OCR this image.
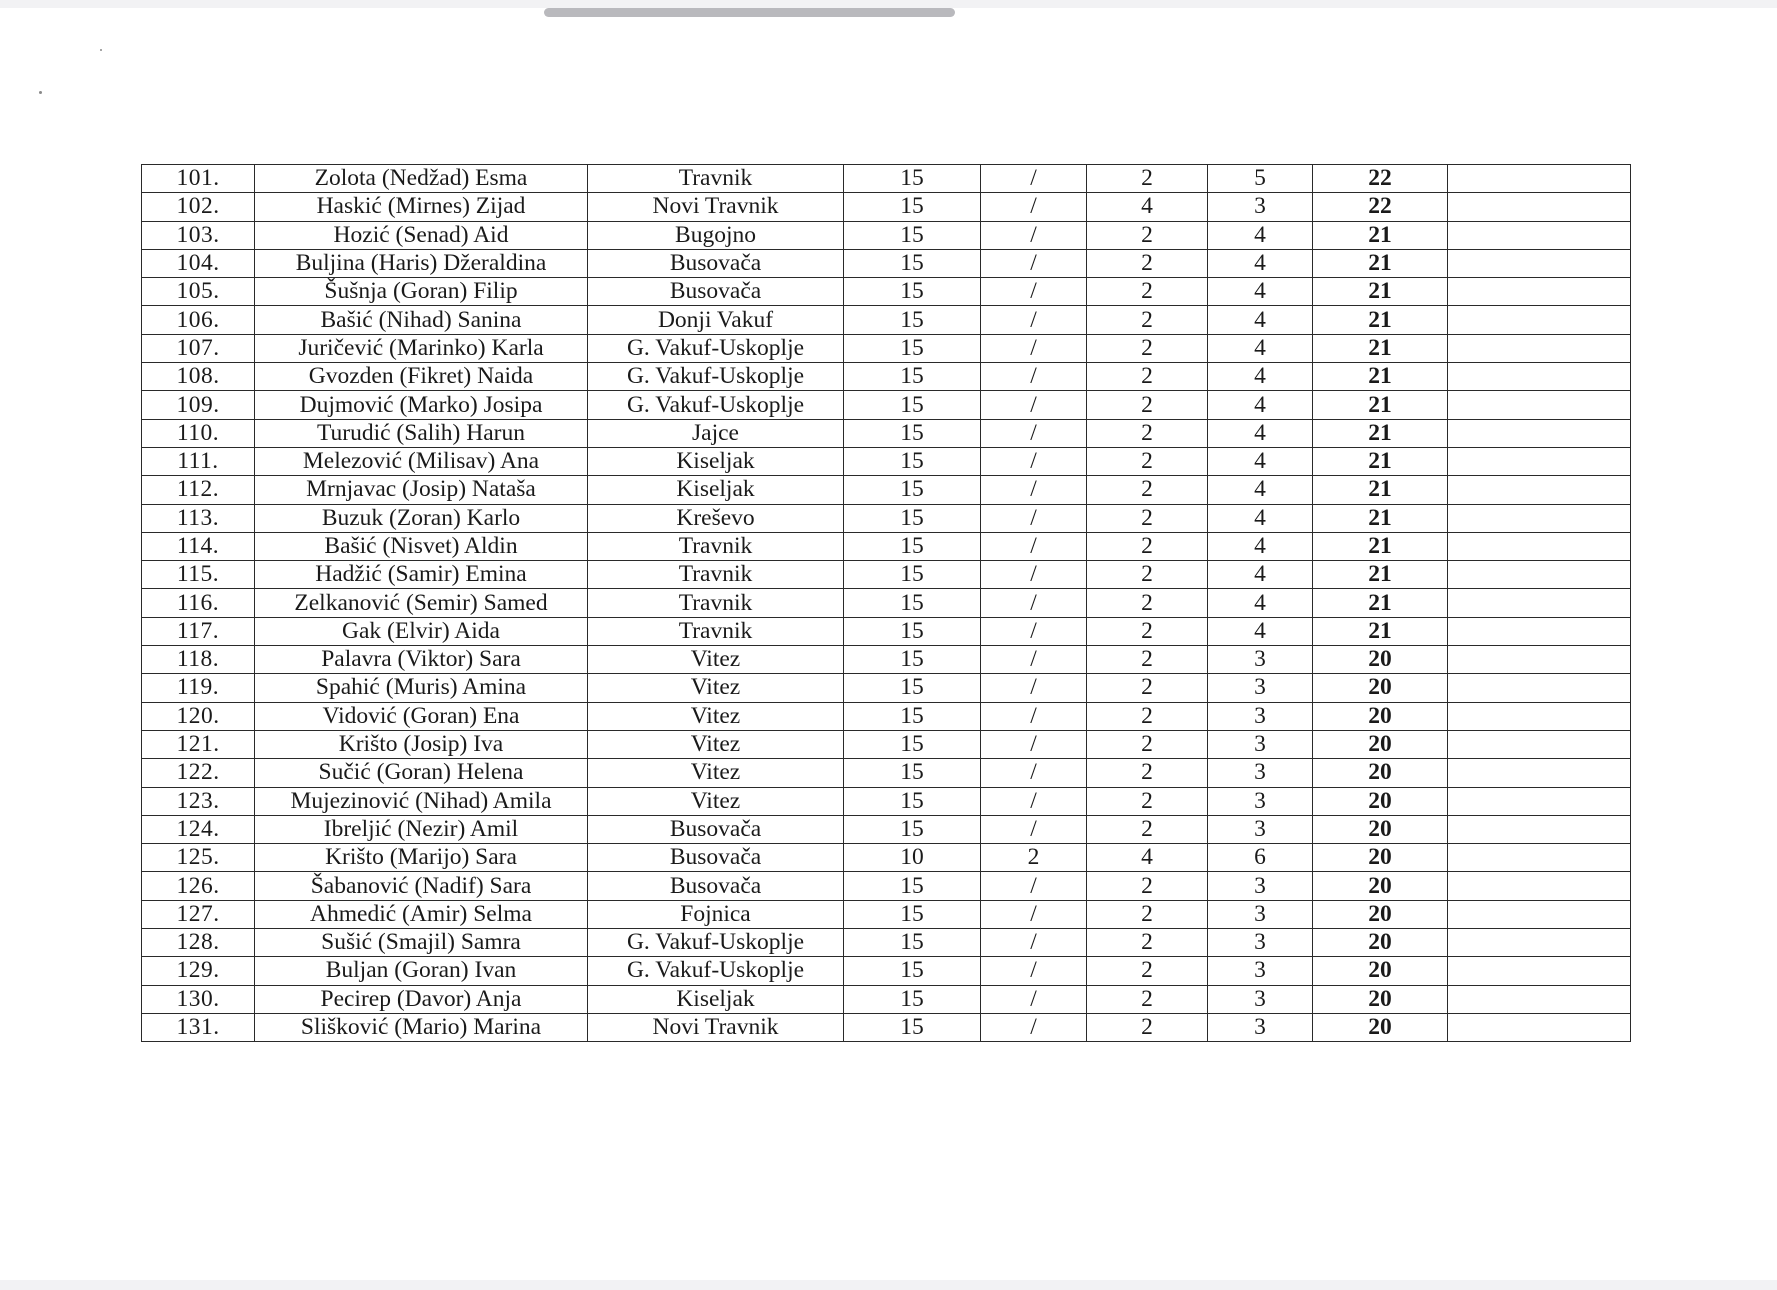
101.	Zolota (Nedžad) Esma	Travnik	15	/	2	5	22	
102.	Haskić (Mirnes) Zijad	Novi Travnik	15	/	4	3	22	
103.	Hozić (Senad) Aid	Bugojno	15	/	2	4	21	
104.	Buljina (Haris) Džeraldina	Busovača	15	/	2	4	21	
105.	Šušnja (Goran) Filip	Busovača	15	/	2	4	21	
106.	Bašić (Nihad) Sanina	Donji Vakuf	15	/	2	4	21	
107.	Juričević (Marinko) Karla	G. Vakuf-Uskoplje	15	/	2	4	21	
108.	Gvozden (Fikret) Naida	G. Vakuf-Uskoplje	15	/	2	4	21	
109.	Dujmović (Marko) Josipa	G. Vakuf-Uskoplje	15	/	2	4	21	
110.	Turudić (Salih) Harun	Jajce	15	/	2	4	21	
111.	Melezović (Milisav) Ana	Kiseljak	15	/	2	4	21	
112.	Mrnjavac (Josip) Nataša	Kiseljak	15	/	2	4	21	
113.	Buzuk (Zoran) Karlo	Kreševo	15	/	2	4	21	
114.	Bašić (Nisvet) Aldin	Travnik	15	/	2	4	21	
115.	Hadžić (Samir) Emina	Travnik	15	/	2	4	21	
116.	Zelkanović (Semir) Samed	Travnik	15	/	2	4	21	
117.	Gak (Elvir) Aida	Travnik	15	/	2	4	21	
118.	Palavra (Viktor) Sara	Vitez	15	/	2	3	20	
119.	Spahić (Muris) Amina	Vitez	15	/	2	3	20	
120.	Vidović (Goran) Ena	Vitez	15	/	2	3	20	
121.	Krišto (Josip) Iva	Vitez	15	/	2	3	20	
122.	Sučić (Goran) Helena	Vitez	15	/	2	3	20	
123.	Mujezinović (Nihad) Amila	Vitez	15	/	2	3	20	
124.	Ibreljić (Nezir) Amil	Busovača	15	/	2	3	20	
125.	Krišto (Marijo) Sara	Busovača	10	2	4	6	20	
126.	Šabanović (Nadif) Sara	Busovača	15	/	2	3	20	
127.	Ahmedić (Amir) Selma	Fojnica	15	/	2	3	20	
128.	Sušić (Smajil) Samra	G. Vakuf-Uskoplje	15	/	2	3	20	
129.	Buljan (Goran) Ivan	G. Vakuf-Uskoplje	15	/	2	3	20	
130.	Pecirep (Davor) Anja	Kiseljak	15	/	2	3	20	
131.	Slišković (Mario) Marina	Novi Travnik	15	/	2	3	20	
